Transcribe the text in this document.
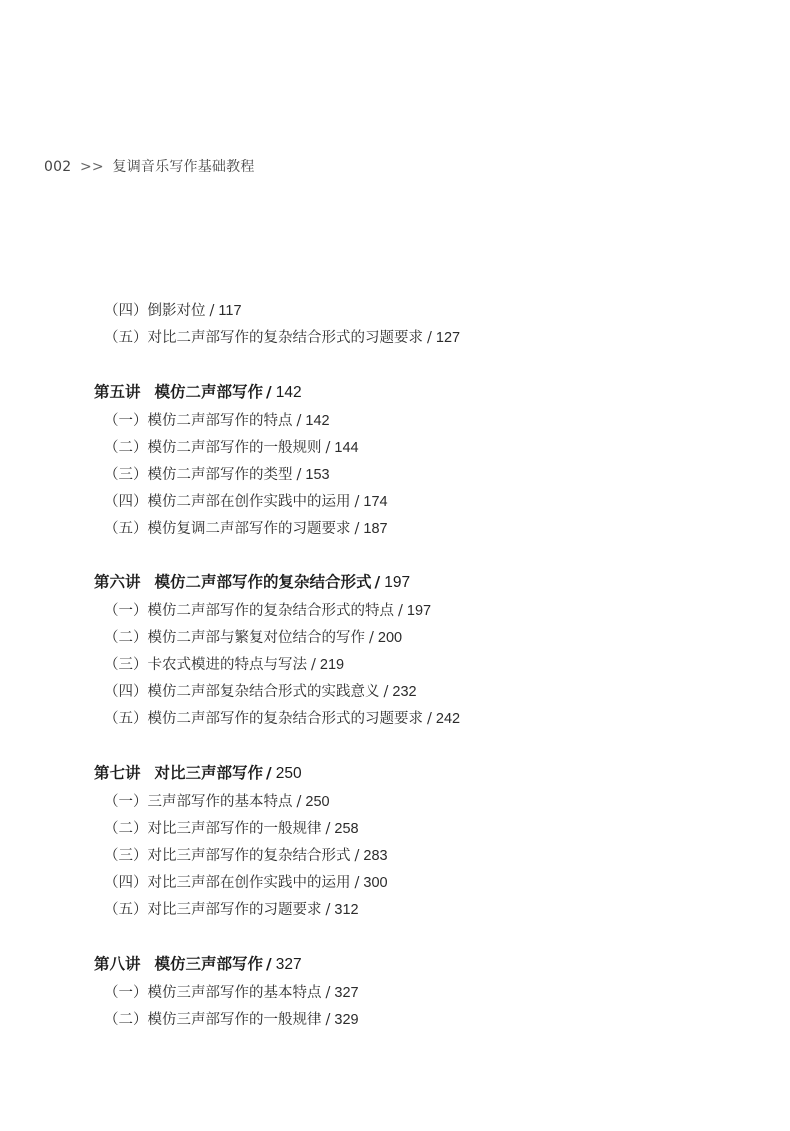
002 >> 复调音乐写作基础教程
（四）倒影对位 / 117
（五）对比二声部写作的复杂结合形式的习题要求 / 127
第五讲 模仿二声部写作 / 142
（一）模仿二声部写作的特点 / 142
（二）模仿二声部写作的一般规则 / 144
（三）模仿二声部写作的类型 / 153
（四）模仿二声部在创作实践中的运用 / 174
（五）模仿复调二声部写作的习题要求 / 187
第六讲 模仿二声部写作的复杂结合形式 / 197
（一）模仿二声部写作的复杂结合形式的特点 / 197
（二）模仿二声部与繁复对位结合的写作 / 200
（三）卡农式模进的特点与写法 / 219
（四）模仿二声部复杂结合形式的实践意义 / 232
（五）模仿二声部写作的复杂结合形式的习题要求 / 242
第七讲 对比三声部写作 / 250
（一）三声部写作的基本特点 / 250
（二）对比三声部写作的一般规律 / 258
（三）对比三声部写作的复杂结合形式 / 283
（四）对比三声部在创作实践中的运用 / 300
（五）对比三声部写作的习题要求 / 312
第八讲 模仿三声部写作 / 327
（一）模仿三声部写作的基本特点 / 327
（二）模仿三声部写作的一般规律 / 329
